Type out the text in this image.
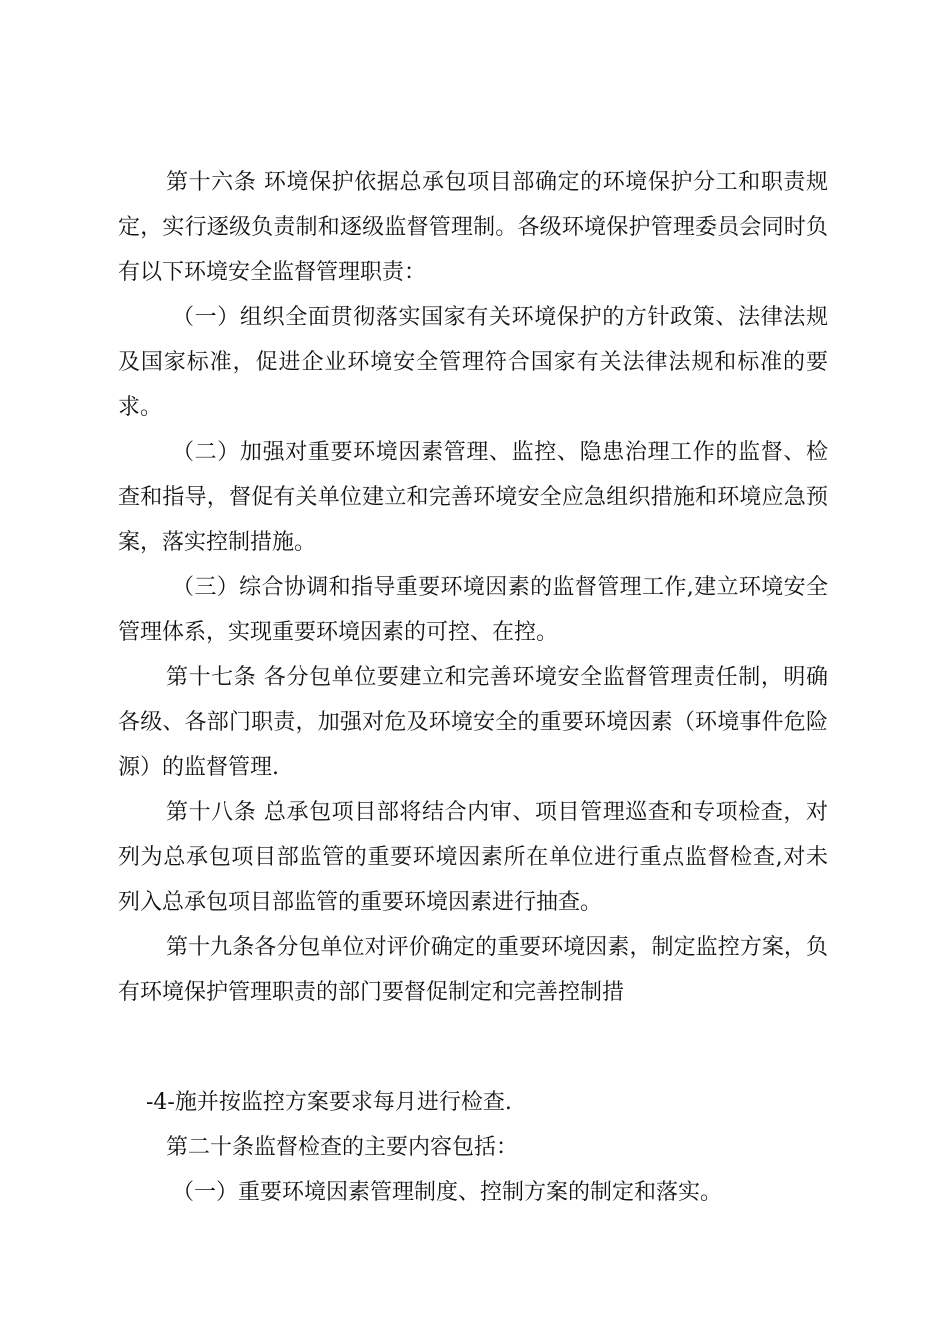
第十六条 环境保护依据总承包项目部确定的环境保护分工和职责规定，实行逐级负责制和逐级监督管理制。各级环境保护管理委员会同时负有以下环境安全监督管理职责：

（一）组织全面贯彻落实国家有关环境保护的方针政策、法律法规及国家标准，促进企业环境安全管理符合国家有关法律法规和标准的要求。

（二）加强对重要环境因素管理、监控、隐患治理工作的监督、检查和指导，督促有关单位建立和完善环境安全应急组织措施和环境应急预案，落实控制措施。

（三）综合协调和指导重要环境因素的监督管理工作,建立环境安全管理体系，实现重要环境因素的可控、在控。

第十七条 各分包单位要建立和完善环境安全监督管理责任制，明确各级、各部门职责，加强对危及环境安全的重要环境因素（环境事件危险源）的监督管理.

第十八条 总承包项目部将结合内审、项目管理巡查和专项检查，对列为总承包项目部监管的重要环境因素所在单位进行重点监督检查,对未列入总承包项目部监管的重要环境因素进行抽查。

第十九条各分包单位对评价确定的重要环境因素，制定监控方案，负有环境保护管理职责的部门要督促制定和完善控制措

-4-施并按监控方案要求每月进行检查.

第二十条监督检查的主要内容包括：

（一）重要环境因素管理制度、控制方案的制定和落实。
